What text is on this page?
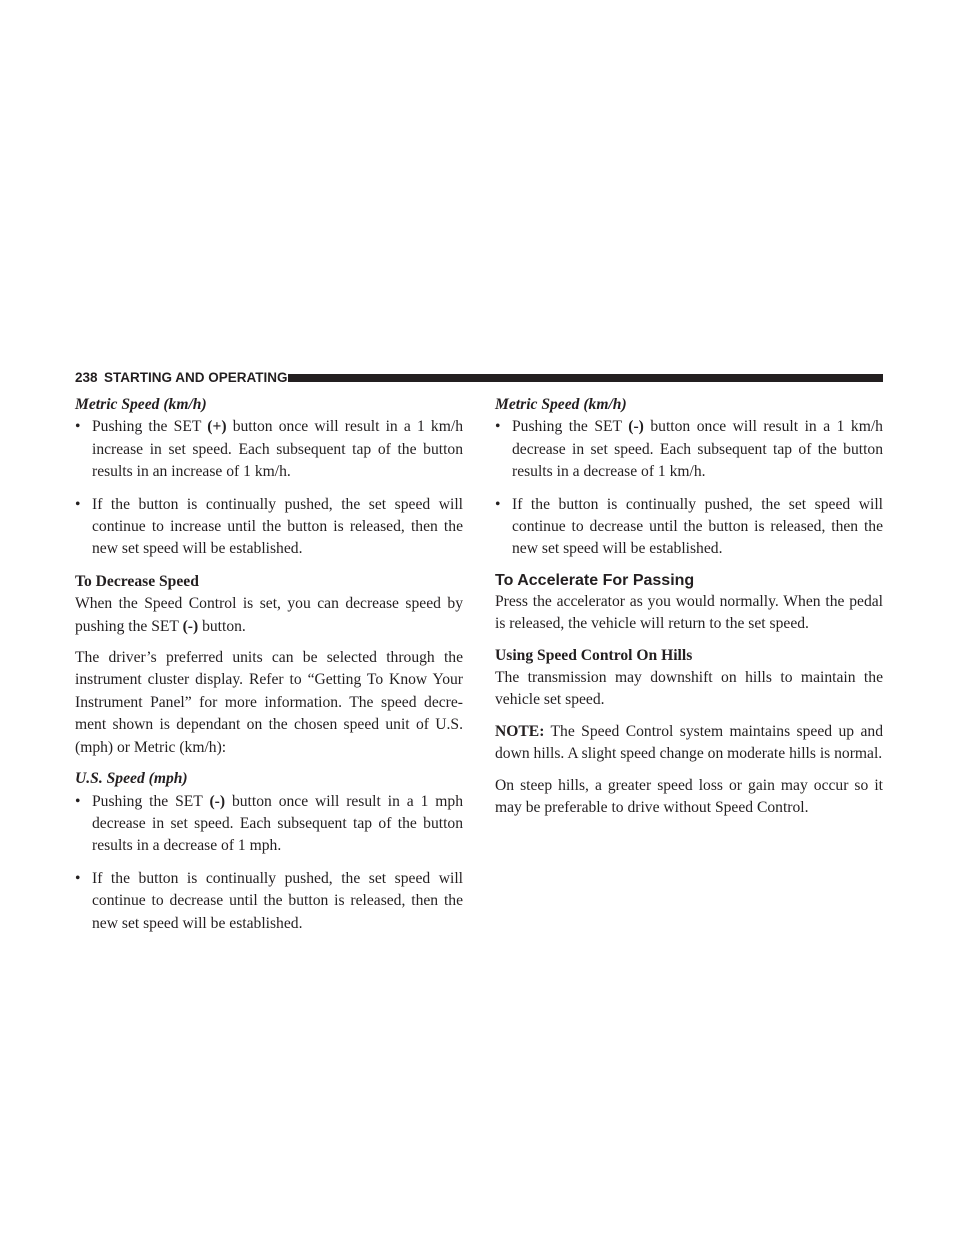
238 STARTING AND OPERATING

Metric Speed (km/h)

• Pushing the SET (+) button once will result in a 1 km/h increase in set speed. Each subsequent tap of the button results in an increase of 1 km/h.
• If the button is continually pushed, the set speed will continue to increase until the button is released, then the new set speed will be established.

To Decrease Speed

When the Speed Control is set, you can decrease speed by pushing the SET (-) button.

The driver’s preferred units can be selected through the instrument cluster display. Refer to “Getting To Know Your Instrument Panel” for more information. The speed decre-ment shown is dependant on the chosen speed unit of U.S. (mph) or Metric (km/h):

U.S. Speed (mph)

• Pushing the SET (-) button once will result in a 1 mph decrease in set speed. Each subsequent tap of the button results in a decrease of 1 mph.
• If the button is continually pushed, the set speed will continue to decrease until the button is released, then the new set speed will be established.

Metric Speed (km/h)

• Pushing the SET (-) button once will result in a 1 km/h decrease in set speed. Each subsequent tap of the button results in a decrease of 1 km/h.
• If the button is continually pushed, the set speed will continue to decrease until the button is released, then the new set speed will be established.

To Accelerate For Passing

Press the accelerator as you would normally. When the pedal is released, the vehicle will return to the set speed.

Using Speed Control On Hills

The transmission may downshift on hills to maintain the vehicle set speed.

NOTE: The Speed Control system maintains speed up and down hills. A slight speed change on moderate hills is normal.

On steep hills, a greater speed loss or gain may occur so it may be preferable to drive without Speed Control.
